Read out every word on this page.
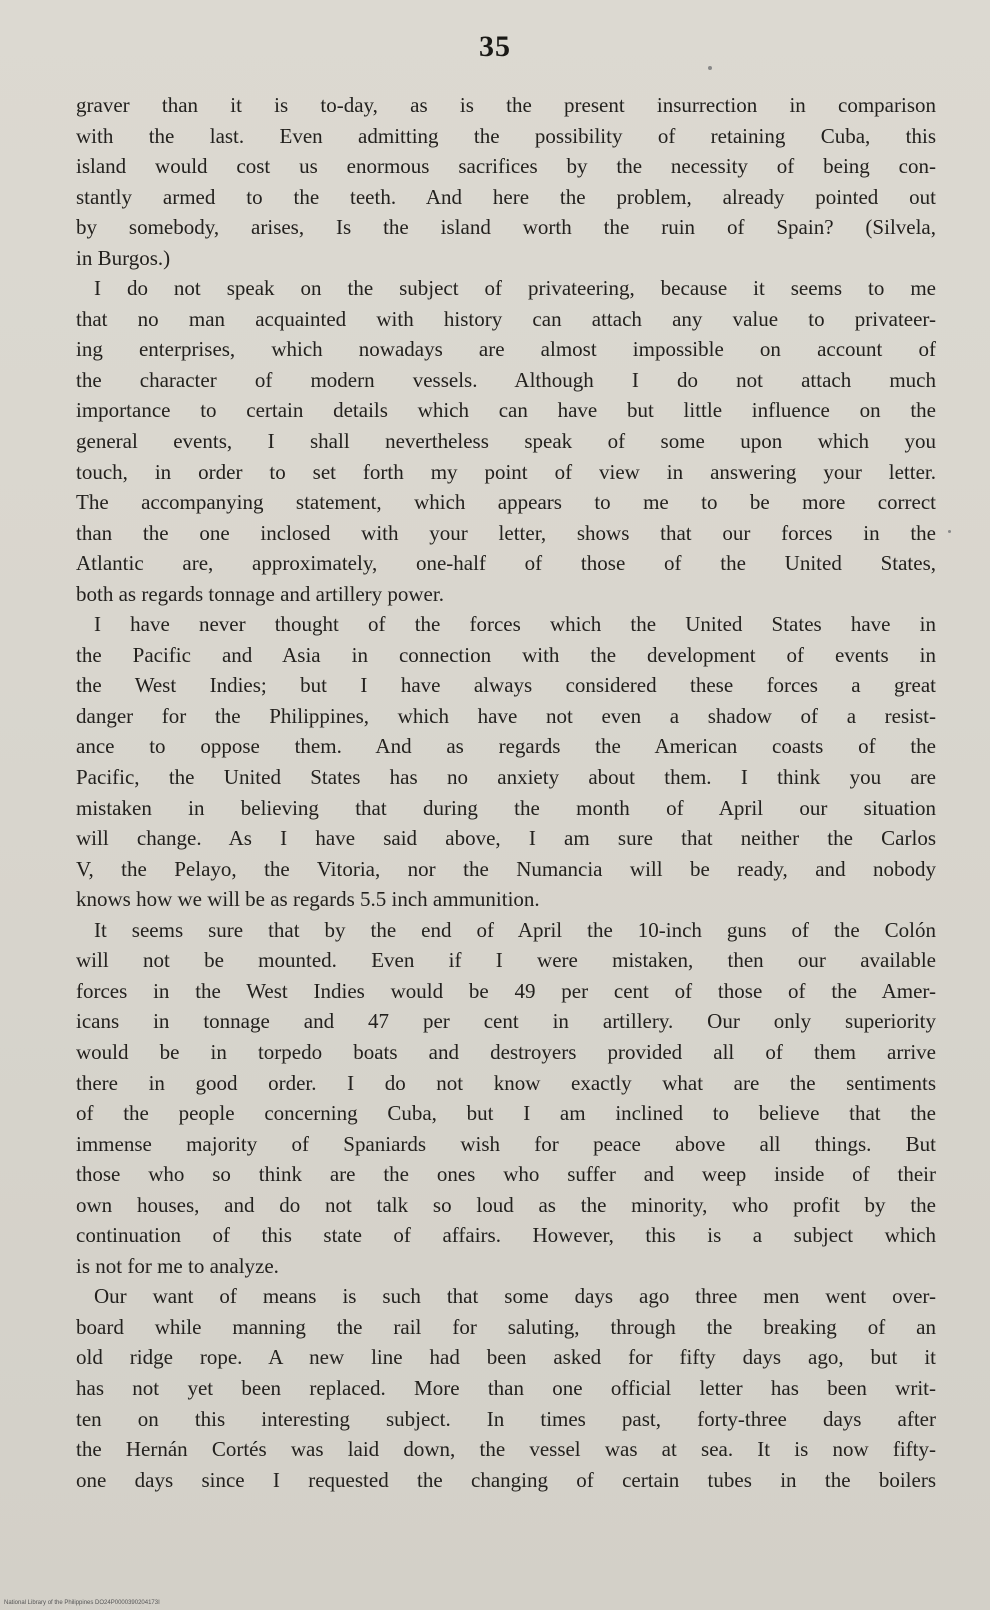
35
graver than it is to-day, as is the present insurrection in comparison
with the last. Even admitting the possibility of retaining Cuba, this
island would cost us enormous sacrifices by the necessity of being con-
stantly armed to the teeth. And here the problem, already pointed out
by somebody, arises, Is the island worth the ruin of Spain? (Silvela,
in Burgos.)
I do not speak on the subject of privateering, because it seems to me
that no man acquainted with history can attach any value to privateer-
ing enterprises, which nowadays are almost impossible on account of
the character of modern vessels. Although I do not attach much
importance to certain details which can have but little influence on the
general events, I shall nevertheless speak of some upon which you
touch, in order to set forth my point of view in answering your letter.
The accompanying statement, which appears to me to be more correct
than the one inclosed with your letter, shows that our forces in the
Atlantic are, approximately, one-half of those of the United States,
both as regards tonnage and artillery power.
I have never thought of the forces which the United States have in
the Pacific and Asia in connection with the development of events in
the West Indies; but I have always considered these forces a great
danger for the Philippines, which have not even a shadow of a resist-
ance to oppose them. And as regards the American coasts of the
Pacific, the United States has no anxiety about them. I think you are
mistaken in believing that during the month of April our situation
will change. As I have said above, I am sure that neither the Carlos
V, the Pelayo, the Vitoria, nor the Numancia will be ready, and nobody
knows how we will be as regards 5.5 inch ammunition.
It seems sure that by the end of April the 10-inch guns of the Colón
will not be mounted. Even if I were mistaken, then our available
forces in the West Indies would be 49 per cent of those of the Amer-
icans in tonnage and 47 per cent in artillery. Our only superiority
would be in torpedo boats and destroyers provided all of them arrive
there in good order. I do not know exactly what are the sentiments
of the people concerning Cuba, but I am inclined to believe that the
immense majority of Spaniards wish for peace above all things. But
those who so think are the ones who suffer and weep inside of their
own houses, and do not talk so loud as the minority, who profit by the
continuation of this state of affairs. However, this is a subject which
is not for me to analyze.
Our want of means is such that some days ago three men went over-
board while manning the rail for saluting, through the breaking of an
old ridge rope. A new line had been asked for fifty days ago, but it
has not yet been replaced. More than one official letter has been writ-
ten on this interesting subject. In times past, forty-three days after
the Hernán Cortés was laid down, the vessel was at sea. It is now fifty-
one days since I requested the changing of certain tubes in the boilers
National Library of the Philippines DO24P0000390204173I
